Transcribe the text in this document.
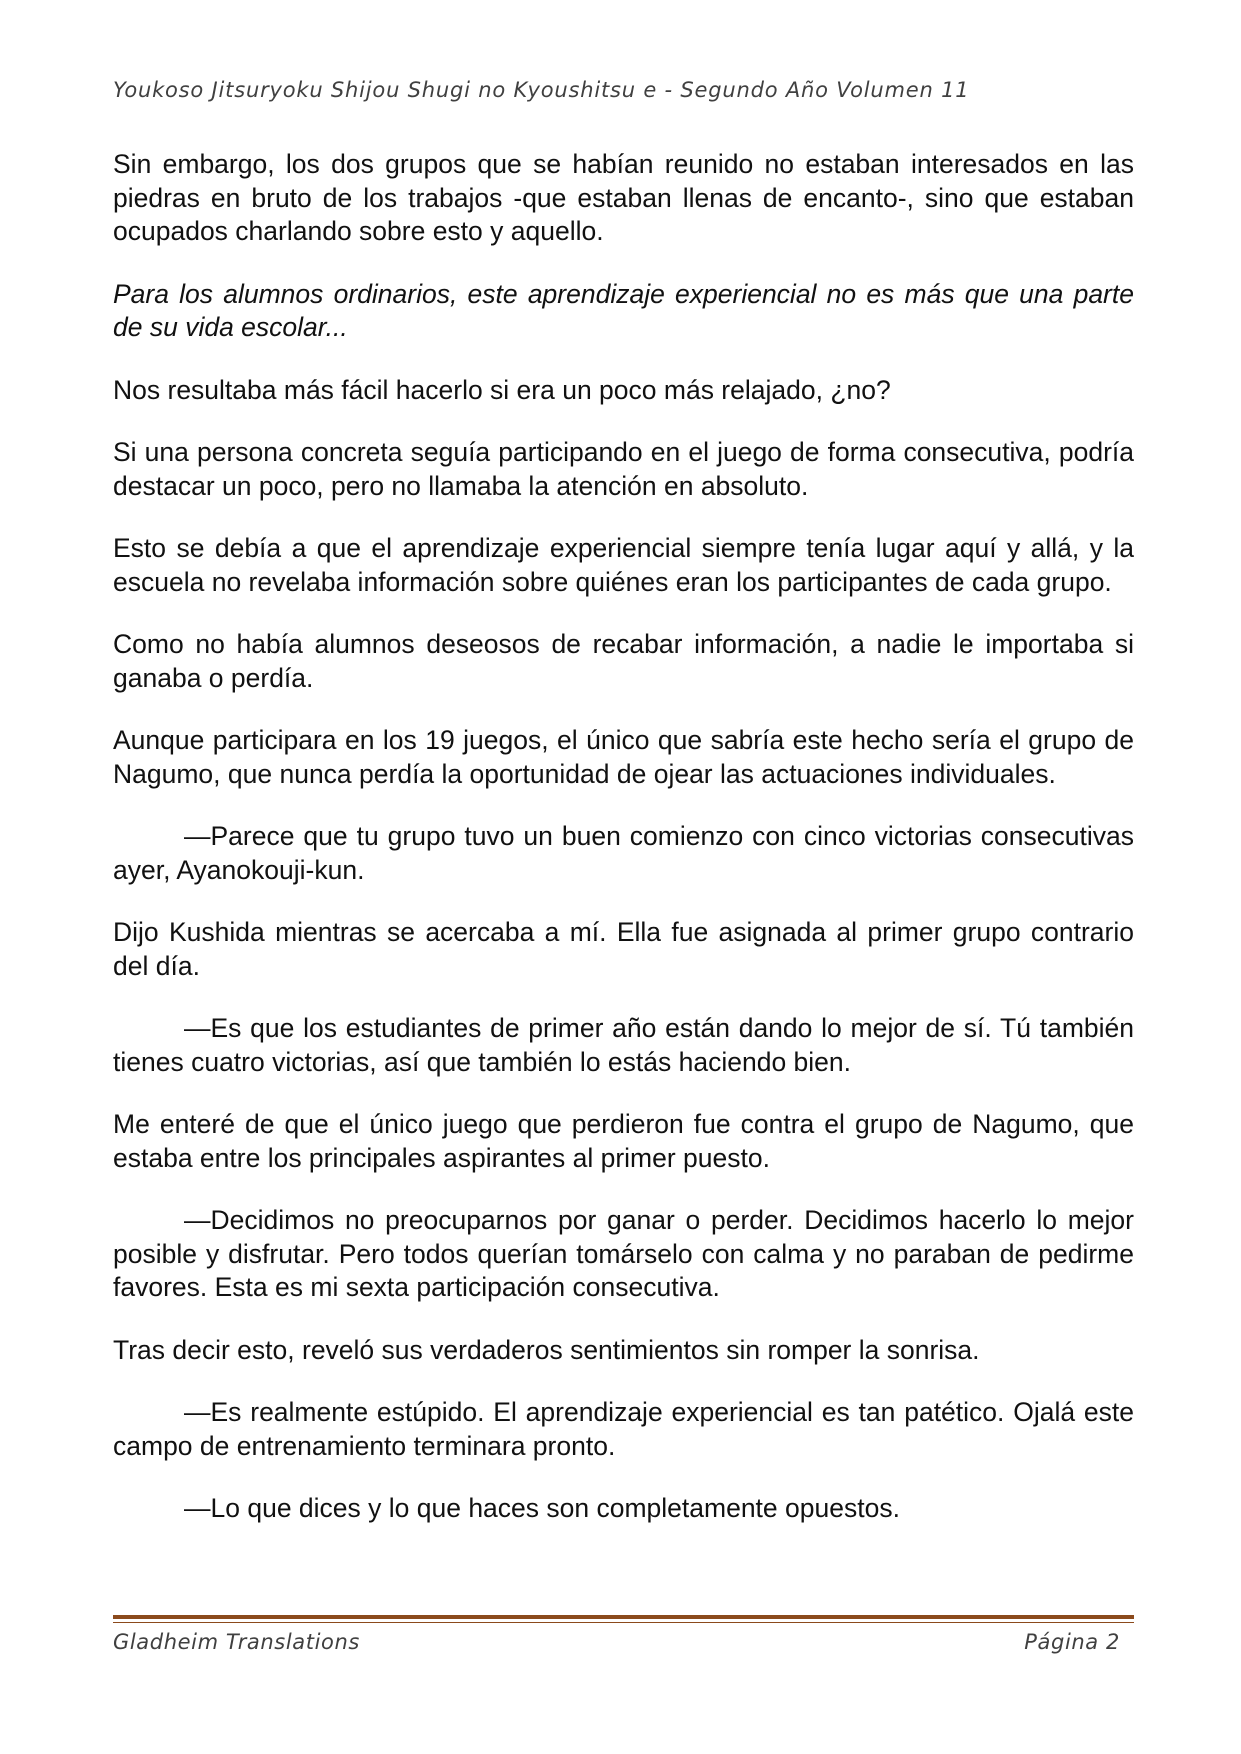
Youkoso Jitsuryoku Shijou Shugi no Kyoushitsu e - Segundo Año Volumen 11

Sin embargo, los dos grupos que se habían reunido no estaban interesados en las piedras en bruto de los trabajos -que estaban llenas de encanto-, sino que estaban ocupados charlando sobre esto y aquello.

Para los alumnos ordinarios, este aprendizaje experiencial no es más que una parte de su vida escolar...

Nos resultaba más fácil hacerlo si era un poco más relajado, ¿no?

Si una persona concreta seguía participando en el juego de forma consecutiva, podría destacar un poco, pero no llamaba la atención en absoluto.

Esto se debía a que el aprendizaje experiencial siempre tenía lugar aquí y allá, y la escuela no revelaba información sobre quiénes eran los participantes de cada grupo.

Como no había alumnos deseosos de recabar información, a nadie le importaba si ganaba o perdía.

Aunque participara en los 19 juegos, el único que sabría este hecho sería el grupo de Nagumo, que nunca perdía la oportunidad de ojear las actuaciones individuales.

—Parece que tu grupo tuvo un buen comienzo con cinco victorias consecutivas ayer, Ayanokouji-kun.

Dijo Kushida mientras se acercaba a mí. Ella fue asignada al primer grupo contrario del día.

—Es que los estudiantes de primer año están dando lo mejor de sí. Tú también tienes cuatro victorias, así que también lo estás haciendo bien.

Me enteré de que el único juego que perdieron fue contra el grupo de Nagumo, que estaba entre los principales aspirantes al primer puesto.

—Decidimos no preocuparnos por ganar o perder. Decidimos hacerlo lo mejor posible y disfrutar. Pero todos querían tomárselo con calma y no paraban de pedirme favores. Esta es mi sexta participación consecutiva.

Tras decir esto, reveló sus verdaderos sentimientos sin romper la sonrisa.

—Es realmente estúpido. El aprendizaje experiencial es tan patético. Ojalá este campo de entrenamiento terminara pronto.

—Lo que dices y lo que haces son completamente opuestos.

Gladheim Translations	Página 2
